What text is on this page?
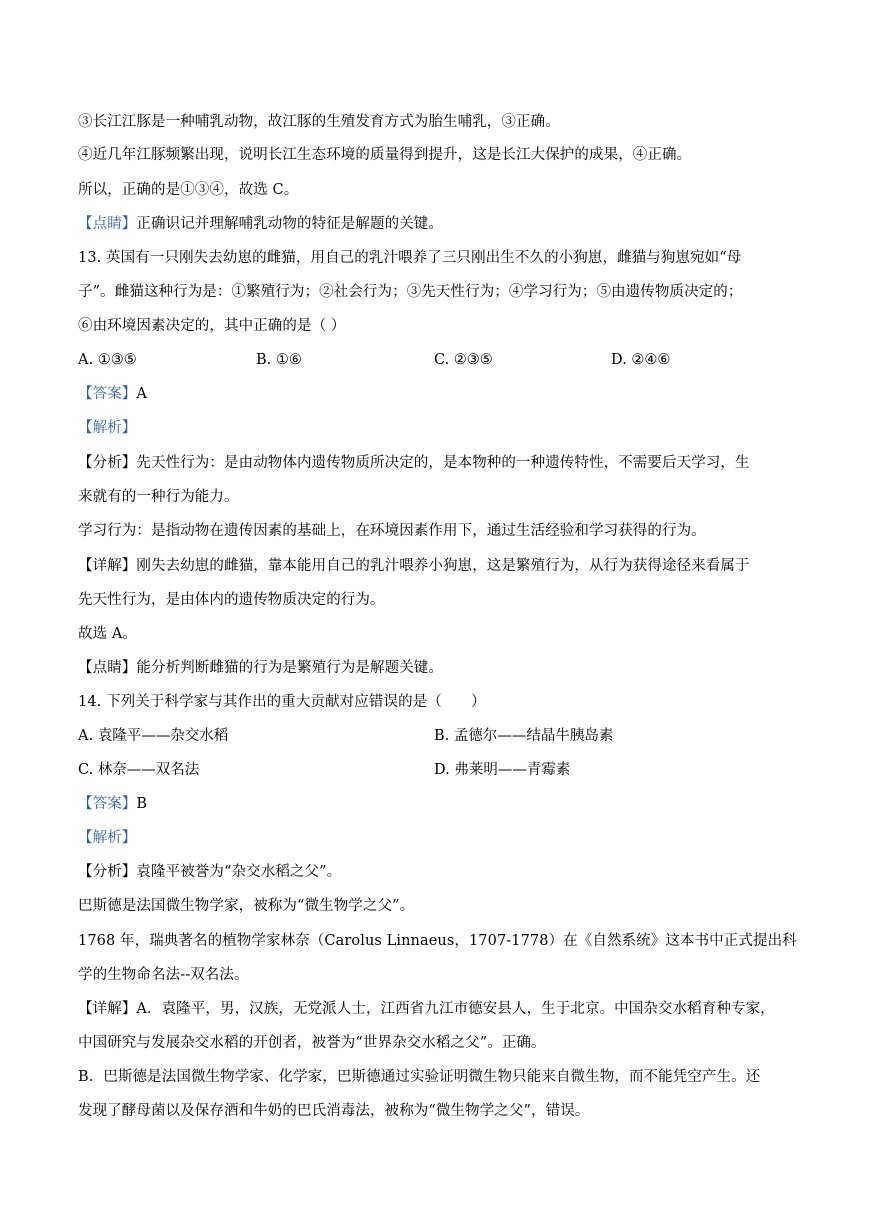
③长江江豚是一种哺乳动物，故江豚的生殖发育方式为胎生哺乳，③正确。
④近几年江豚频繁出现，说明长江生态环境的质量得到提升，这是长江大保护的成果，④正确。
所以，正确的是①③④，故选 C。
【点睛】正确识记并理解哺乳动物的特征是解题的关键。
13. 英国有一只刚失去幼崽的雌猫，用自己的乳汁喂养了三只刚出生不久的小狗崽，雌猫与狗崽宛如“母
子”。雌猫这种行为是：①繁殖行为；②社会行为；③先天性行为；④学习行为；⑤由遗传物质决定的；
⑥由环境因素决定的，其中正确的是（ ）
A. ①③⑤	B. ①⑥	C. ②③⑤	D. ②④⑥
【答案】A
【解析】
【分析】先天性行为：是由动物体内遗传物质所决定的，是本物种的一种遗传特性，不需要后天学习，生
来就有的一种行为能力。
学习行为：是指动物在遗传因素的基础上，在环境因素作用下，通过生活经验和学习获得的行为。
【详解】刚失去幼崽的雌猫，靠本能用自己的乳汁喂养小狗崽，这是繁殖行为，从行为获得途径来看属于
先天性行为，是由体内的遗传物质决定的行为。
故选 A。
【点睛】能分析判断雌猫的行为是繁殖行为是解题关键。
14. 下列关于科学家与其作出的重大贡献对应错误的是（　　）
A. 袁隆平——杂交水稻	B. 孟德尔——结晶牛胰岛素
C. 林奈——双名法	D. 弗莱明——青霉素
【答案】B
【解析】
【分析】袁隆平被誉为“杂交水稻之父”。
巴斯德是法国微生物学家，被称为“微生物学之父”。
1768 年，瑞典著名的植物学家林奈（Carolus Linnaeus，1707-1778）在《自然系统》这本书中正式提出科
学的生物命名法--双名法。
【详解】A．袁隆平，男，汉族，无党派人士，江西省九江市德安县人，生于北京。中国杂交水稻育种专家，
中国研究与发展杂交水稻的开创者，被誉为“世界杂交水稻之父”。正确。
B．巴斯德是法国微生物学家、化学家，巴斯德通过实验证明微生物只能来自微生物，而不能凭空产生。还
发现了酵母菌以及保存酒和牛奶的巴氏消毒法，被称为“微生物学之父”，错误。
